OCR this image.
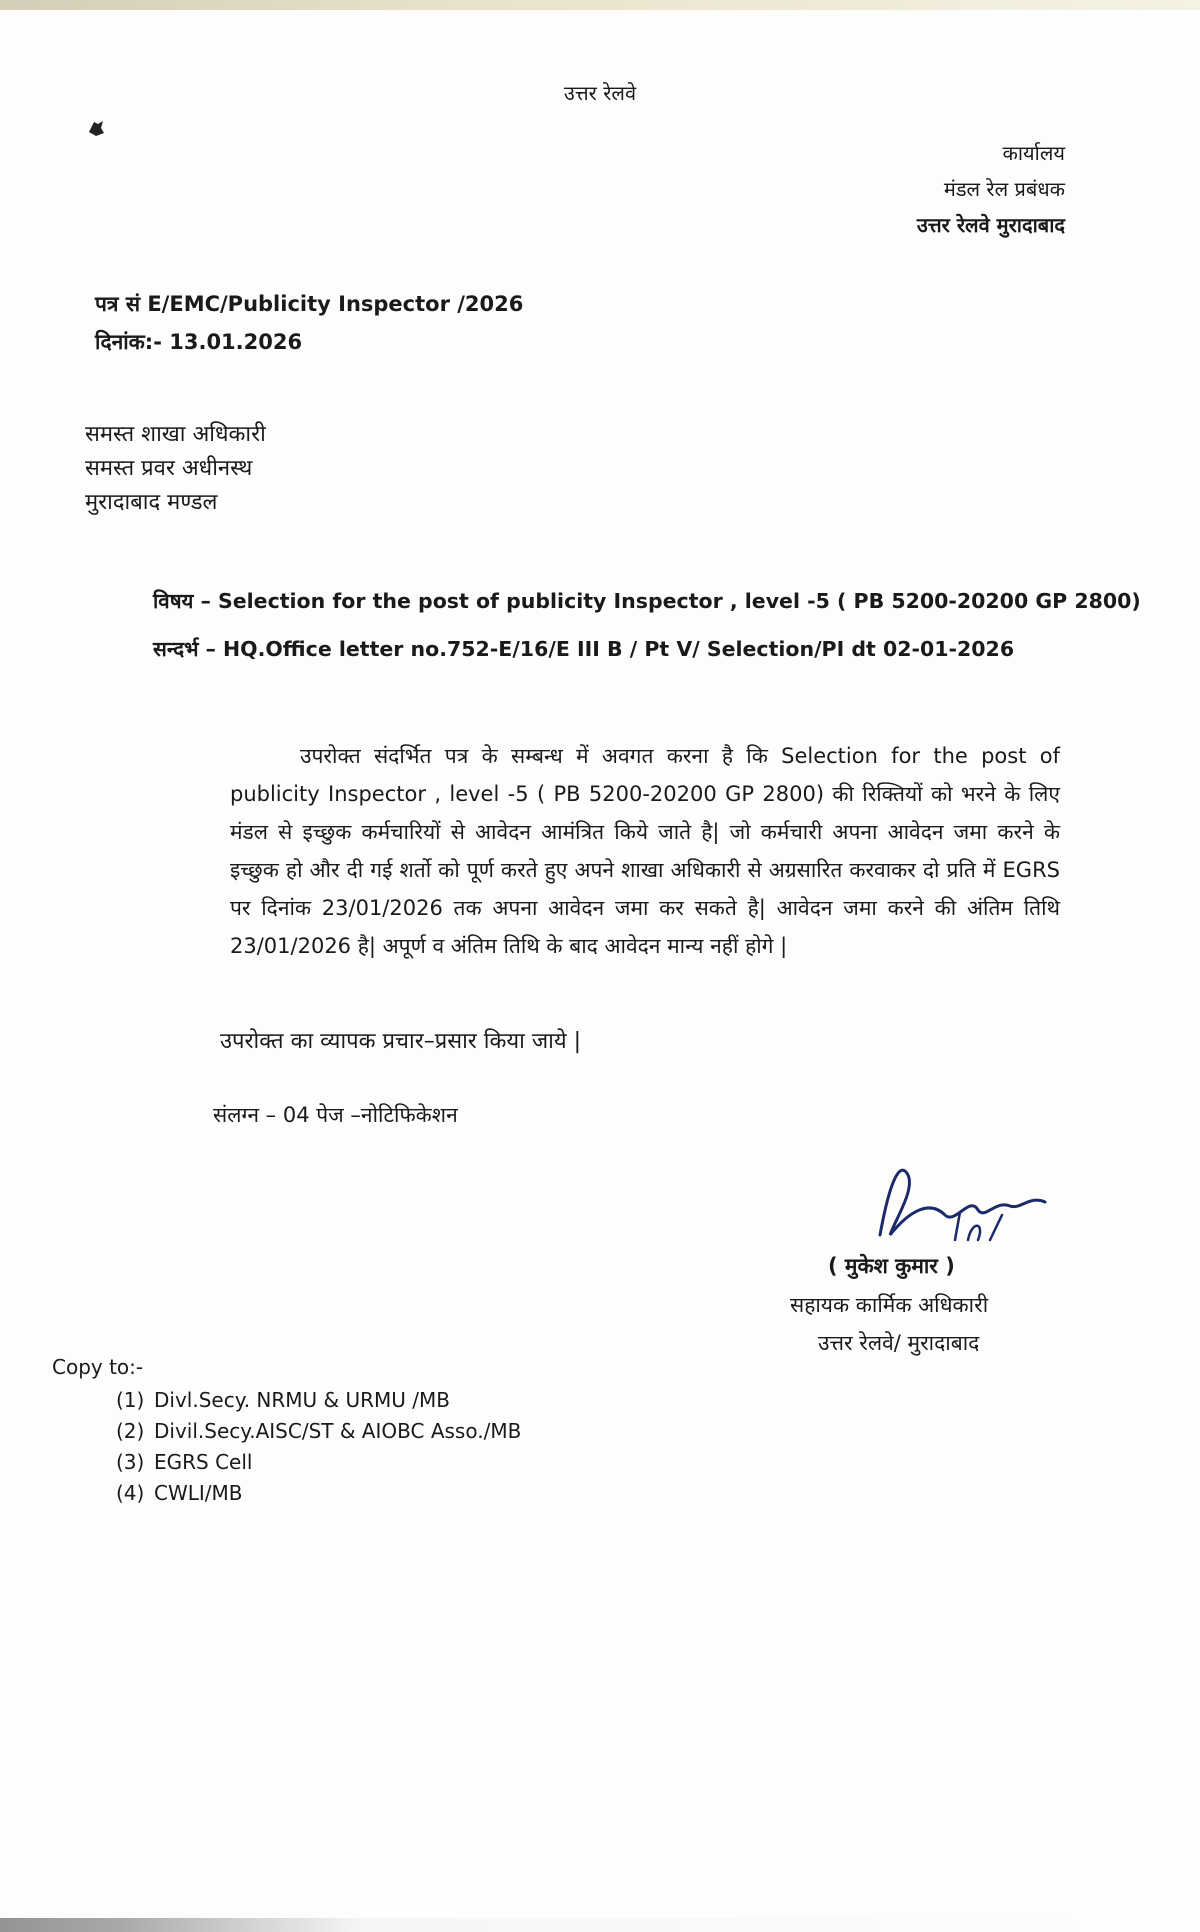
उत्तर रेलवे
कार्यालय
मंडल रेल प्रबंधक
उत्तर रेलवे मुरादाबाद
पत्र सं E/EMC/Publicity Inspector /2026
दिनांक:- 13.01.2026
समस्त शाखा अधिकारी
समस्त प्रवर अधीनस्थ
मुरादाबाद मण्डल
विषय – Selection for the post of publicity Inspector , level -5 ( PB 5200-20200 GP 2800)
सन्दर्भ – HQ.Office letter no.752-E/16/E III B / Pt V/ Selection/PI dt 02-01-2026
उपरोक्त संदर्भित पत्र के सम्बन्ध में अवगत करना है कि Selection for the post of publicity Inspector , level -5 ( PB 5200-20200 GP 2800) की रिक्तियों को भरने के लिए मंडल से इच्छुक कर्मचारियों से आवेदन आमंत्रित किये जाते है| जो कर्मचारी अपना आवेदन जमा करने के इच्छुक हो और दी गई शर्तो को पूर्ण करते हुए अपने शाखा अधिकारी से अग्रसारित करवाकर दो प्रति में EGRS पर दिनांक 23/01/2026 तक अपना आवेदन जमा कर सकते है| आवेदन जमा करने की अंतिम तिथि 23/01/2026 है| अपूर्ण व अंतिम तिथि के बाद आवेदन मान्य नहीं होगे |
उपरोक्त का व्यापक प्रचार–प्रसार किया जाये |
संलग्न – 04 पेज –नोटिफिकेशन
( मुकेश कुमार )
सहायक कार्मिक अधिकारी
उत्तर रेलवे/ मुरादाबाद
Copy to:-
(1) Divl.Secy. NRMU & URMU /MB
(2) Divil.Secy.AISC/ST & AIOBC Asso./MB
(3) EGRS Cell
(4) CWLI/MB
